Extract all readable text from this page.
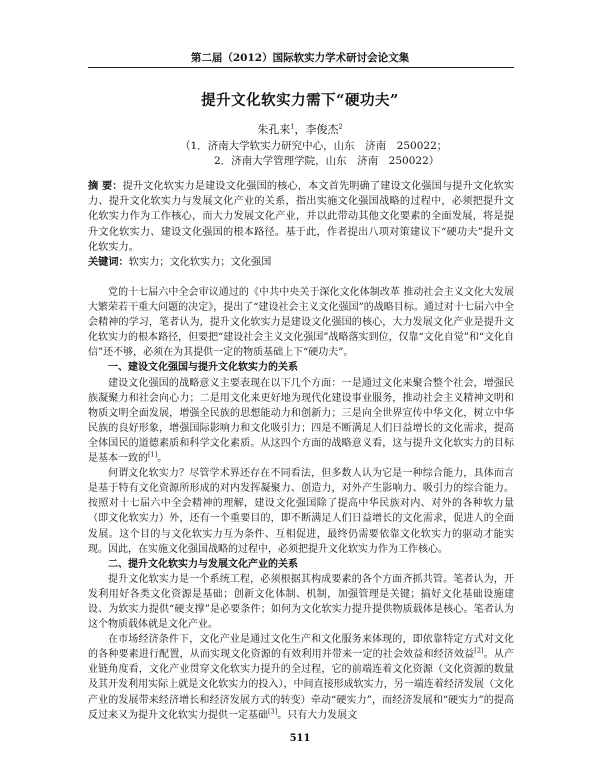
第二届（2012）国际软实力学术研讨会论文集
提升文化软实力需下“硬功夫”
朱孔来$^1$，李俊杰$^2$
（1．济南大学软实力研究中心，山东　济南　250022；
2．济南大学管理学院，山东　济南　250022）
摘 要：提升文化软实力是建设文化强国的核心，本文首先明确了建设文化强国与提升文化软实力、提升文化软实力与发展文化产业的关系，指出实施文化强国战略的过程中，必须把提升文化软实力作为工作核心，而大力发展文化产业，并以此带动其他文化要素的全面发展，将是提升文化软实力、建设文化强国的根本路径。基于此，作者提出八项对策建议下“硬功夫”提升文化软实力。
关键词：软实力；文化软实力；文化强国

党的十七届六中全会审议通过的《中共中央关于深化文化体制改革 推动社会主义文化大发展大繁荣若干重大问题的决定》，提出了“建设社会主义文化强国”的战略目标。通过对十七届六中全会精神的学习，笔者认为，提升文化软实力是建设文化强国的核心，大力发展文化产业是提升文化软实力的根本路径，但要把“建设社会主义文化强国”战略落实到位，仅靠“文化自觉”和“文化自信”还不够，必须在为其提供一定的物质基础上下“硬功夫”。

一、建设文化强国与提升文化软实力的关系

建设文化强国的战略意义主要表现在以下几个方面：一是通过文化来聚合整个社会，增强民族凝聚力和社会向心力；二是用文化来更好地为现代化建设事业服务，推动社会主义精神文明和物质文明全面发展，增强全民族的思想能动力和创新力；三是向全世界宣传中华文化，树立中华民族的良好形象，增强国际影响力和文化吸引力；四是不断满足人们日益增长的文化需求，提高全体国民的道德素质和科学文化素质。从这四个方面的战略意义看，这与提升文化软实力的目标是基本一致的[1]。

何谓文化软实力？尽管学术界还存在不同看法，但多数人认为它是一种综合能力，具体而言是基于特有文化资源所形成的对内发挥凝聚力、创造力，对外产生影响力、吸引力的综合能力。按照对十七届六中全会精神的理解，建设文化强国除了提高中华民族对内、对外的各种软力量（即文化软实力）外，还有一个重要目的，即不断满足人们日益增长的文化需求，促进人的全面发展。这个目的与文化软实力互为条件、互相促进，最终仍需要依靠文化软实力的驱动才能实现。因此，在实施文化强国战略的过程中，必须把提升文化软实力作为工作核心。

二、提升文化软实力与发展文化产业的关系

提升文化软实力是一个系统工程，必须根据其构成要素的各个方面齐抓共管。笔者认为，开发利用好各类文化资源是基础；创新文化体制、机制，加强管理是关键；搞好文化基础设施建设、为软实力提供“硬支撑”是必要条件；如何为文化软实力提升提供物质载体是核心。笔者认为这个物质载体就是文化产业。

在市场经济条件下，文化产业是通过文化生产和文化服务来体现的，即依靠特定方式对文化的各种要素进行配置，从而实现文化资源的有效利用并带来一定的社会效益和经济效益[2]。从产业链角度看，文化产业贯穿文化软实力提升的全过程，它的前端连着文化资源（文化资源的数量及其开发利用实际上就是文化软实力的投入），中间直接形成软实力，另一端连着经济发展（文化产业的发展带来经济增长和经济发展方式的转变）牵动“硬实力”，而经济发展和“硬实力”的提高反过来又为提升文化软实力提供一定基础[3]。只有大力发展文

511
